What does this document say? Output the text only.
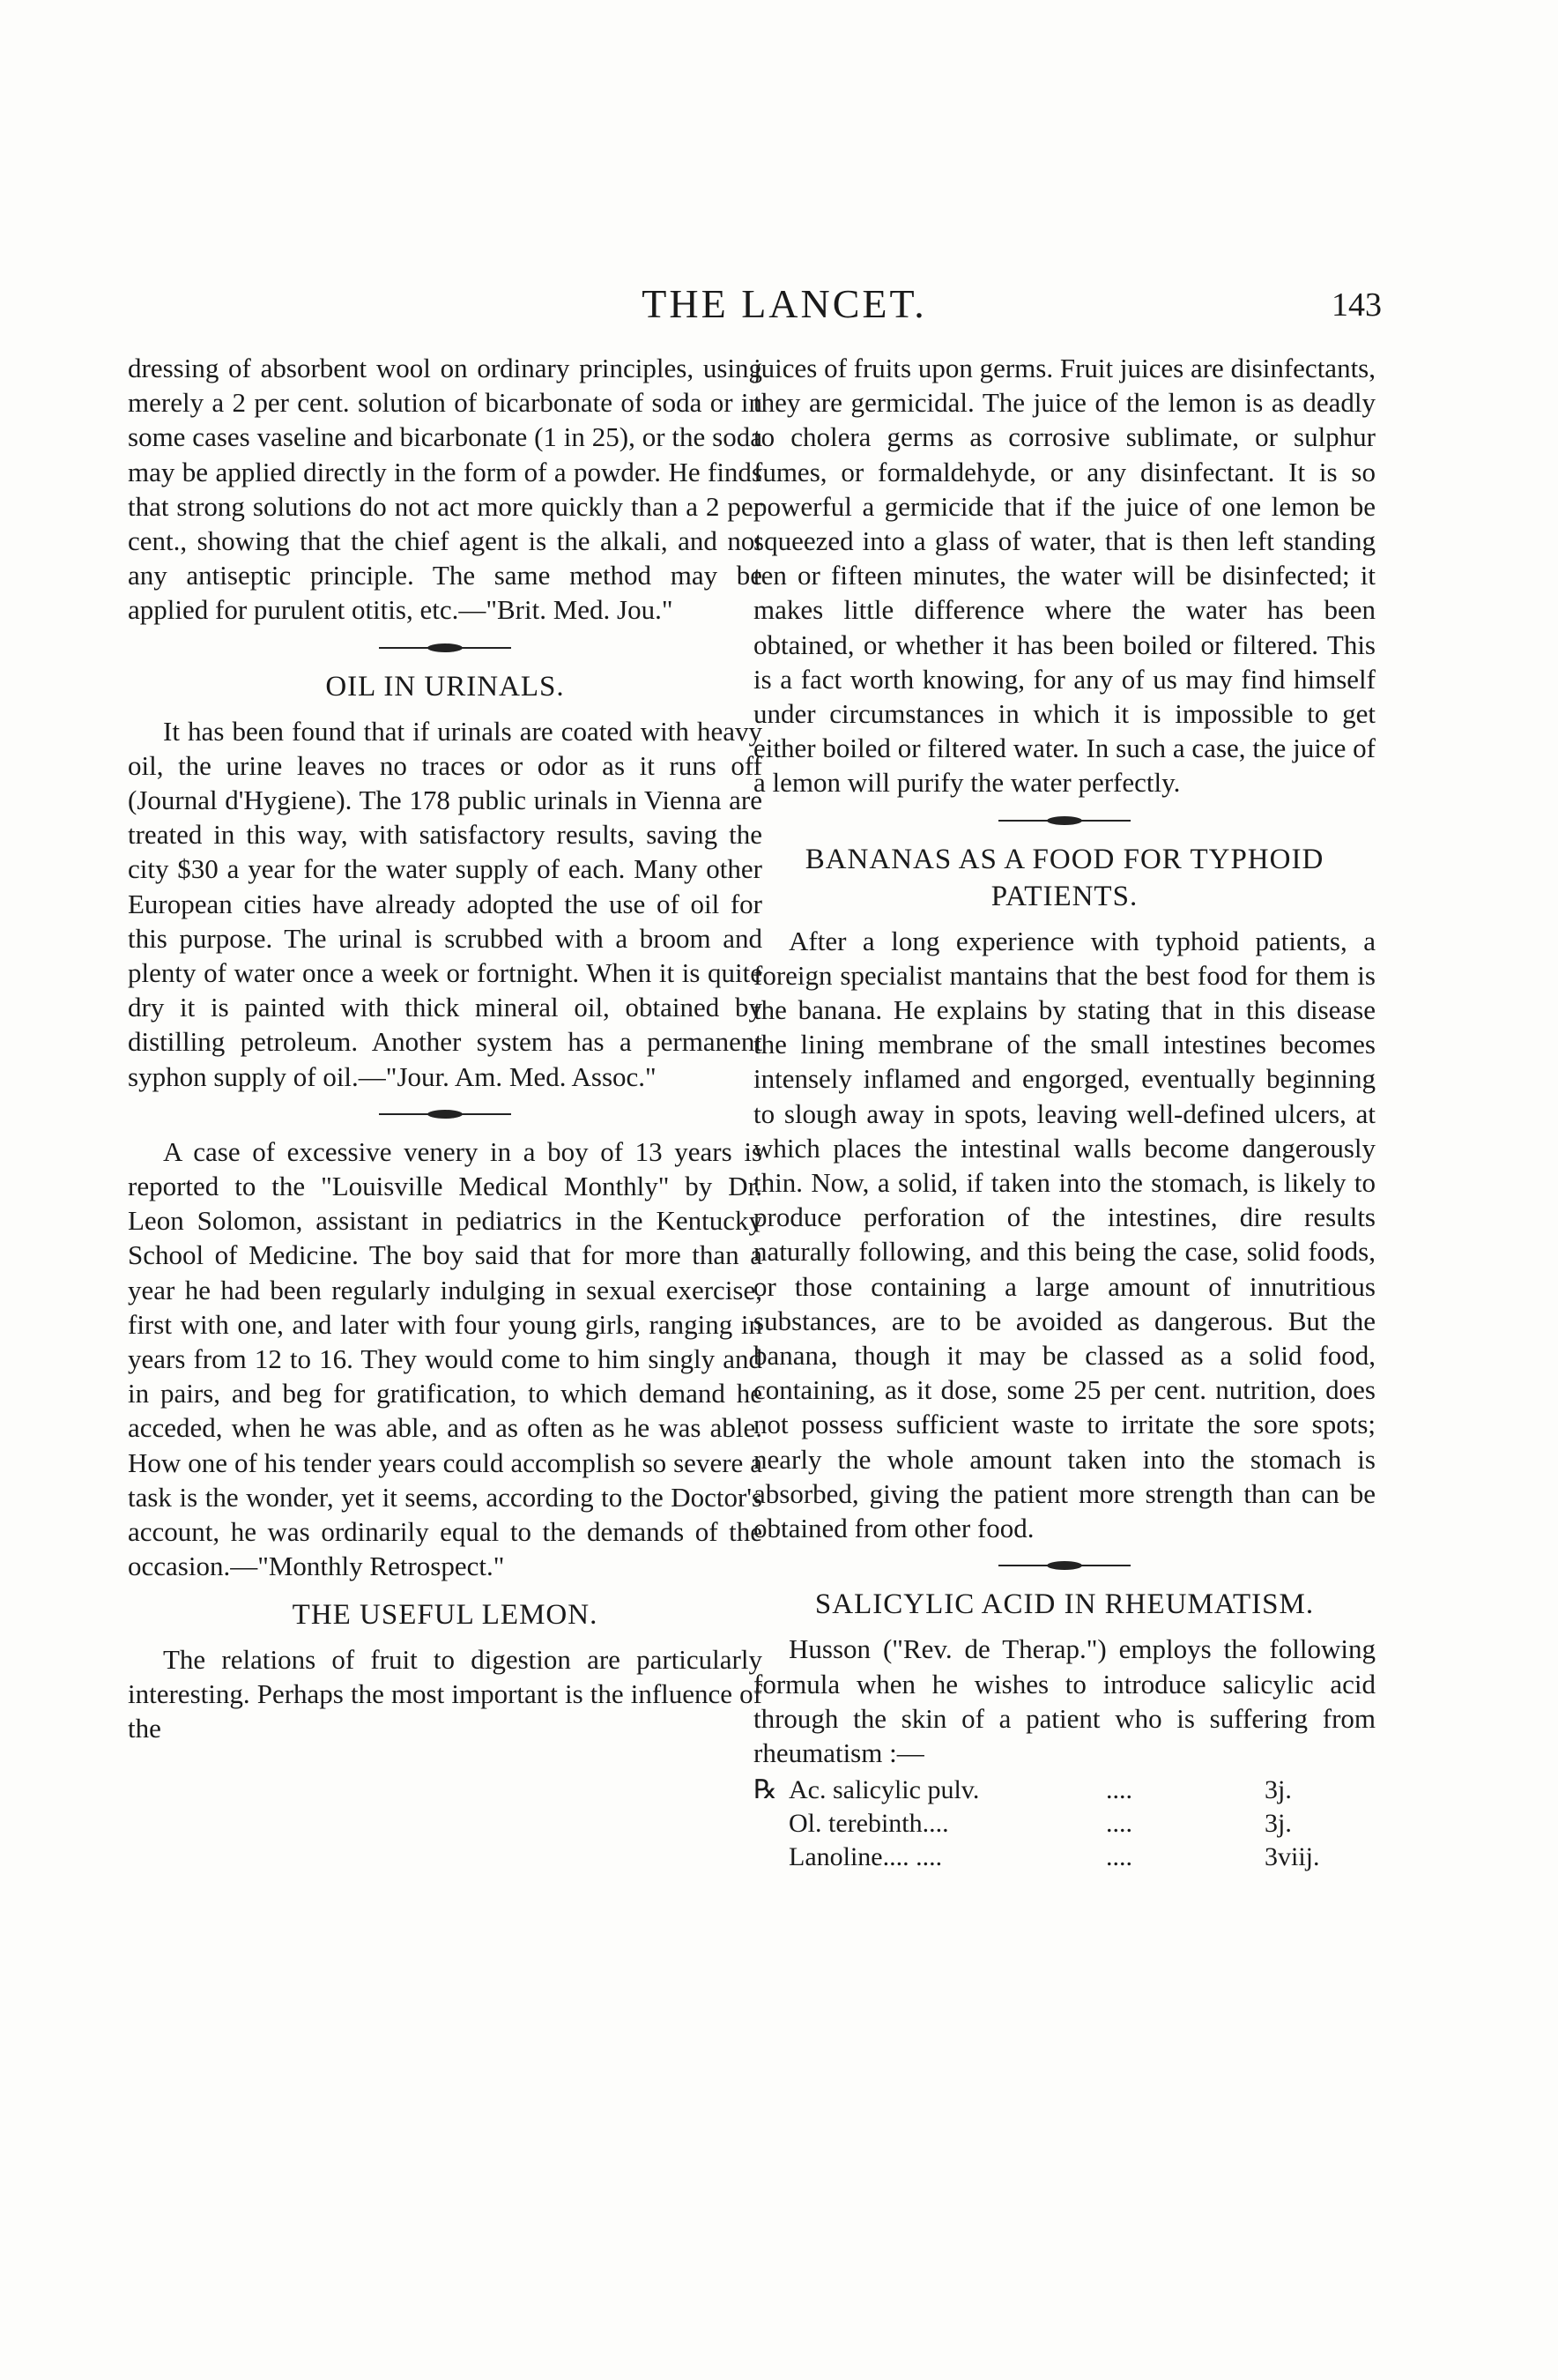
THE LANCET.	143

dressing of absorbent wool on ordinary principles, using merely a 2 per cent. solution of bicarbonate of soda or in some cases vaseline and bicarbonate (1 in 25), or the soda may be applied directly in the form of a powder. He finds that strong solutions do not act more quickly than a 2 per cent., showing that the chief agent is the alkali, and not any antiseptic principle. The same method may be applied for purulent otitis, etc.—"Brit. Med. Jou."

OIL IN URINALS.

It has been found that if urinals are coated with heavy oil, the urine leaves no traces or odor as it runs off (Journal d'Hygiene). The 178 public urinals in Vienna are treated in this way, with satisfactory results, saving the city $30 a year for the water supply of each. Many other European cities have already adopted the use of oil for this purpose. The urinal is scrubbed with a broom and plenty of water once a week or fortnight. When it is quite dry it is painted with thick mineral oil, obtained by distilling petroleum. Another system has a permanent syphon supply of oil.—"Jour. Am. Med. Assoc."

A case of excessive venery in a boy of 13 years is reported to the "Louisville Medical Monthly" by Dr. Leon Solomon, assistant in pediatrics in the Kentucky School of Medicine. The boy said that for more than a year he had been regularly indulging in sexual exercise, first with one, and later with four young girls, ranging in years from 12 to 16. They would come to him singly and in pairs, and beg for gratification, to which demand he acceded, when he was able, and as often as he was able. How one of his tender years could accomplish so severe a task is the wonder, yet it seems, according to the Doctor's account, he was ordinarily equal to the demands of the occasion.—"Monthly Retrospect."

THE USEFUL LEMON.

The relations of fruit to digestion are particularly interesting. Perhaps the most important is the influence of the

juices of fruits upon germs. Fruit juices are disinfectants, they are germicidal. The juice of the lemon is as deadly to cholera germs as corrosive sublimate, or sulphur fumes, or formaldehyde, or any disinfectant. It is so powerful a germicide that if the juice of one lemon be squeezed into a glass of water, that is then left standing ten or fifteen minutes, the water will be disinfected; it makes little difference where the water has been obtained, or whether it has been boiled or filtered. This is a fact worth knowing, for any of us may find himself under circumstances in which it is impossible to get either boiled or filtered water. In such a case, the juice of a lemon will purify the water perfectly.

BANANAS AS A FOOD FOR TYPHOID PATIENTS.

After a long experience with typhoid patients, a foreign specialist mantains that the best food for them is the banana. He explains by stating that in this disease the lining membrane of the small intestines becomes intensely inflamed and engorged, eventually beginning to slough away in spots, leaving well-defined ulcers, at which places the intestinal walls become dangerously thin. Now, a solid, if taken into the stomach, is likely to produce perforation of the intestines, dire results naturally following, and this being the case, solid foods, or those containing a large amount of innutritious substances, are to be avoided as dangerous. But the banana, though it may be classed as a solid food, containing, as it dose, some 25 per cent. nutrition, does not possess sufficient waste to irritate the sore spots; nearly the whole amount taken into the stomach is absorbed, giving the patient more strength than can be obtained from other food.

SALICYLIC ACID IN RHEUMATISM.

Husson ("Rev. de Therap.") employs the following formula when he wishes to introduce salicylic acid through the skin of a patient who is suffering from rheumatism :—

℞ Ac. salicylic pulv.	....	3j.
Ol. terebinth....	....	3j.
Lanoline.... ....	....	3viij.
